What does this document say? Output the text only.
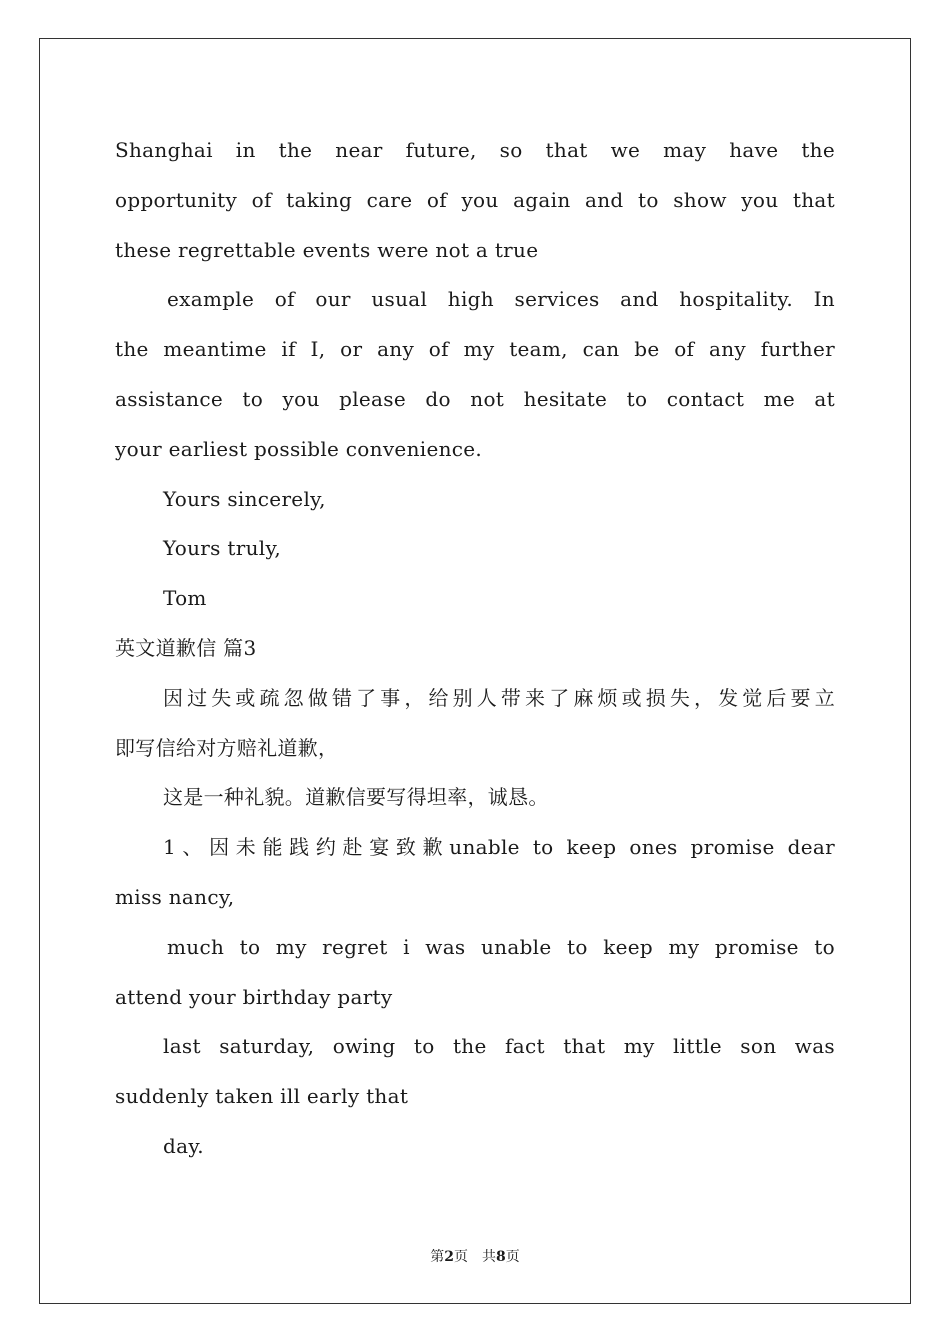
Shanghai in the near future, so that we may have the
opportunity of taking care of you again and to show you that
these regrettable events were not a true
example of our usual high services and hospitality. In
the meantime if I, or any of my team, can be of any further
assistance to you please do not hesitate to contact me at
your earliest possible convenience.
Yours sincerely,
Yours truly,
Tom
英文道歉信 篇3
因过失或疏忽做错了事，给别人带来了麻烦或损失，发觉后要立
即写信给对方赔礼道歉，
这是一种礼貌。道歉信要写得坦率，诚恳。
1、因未能践约赴宴致歉unable to keep ones promise dear
miss nancy,
much to my regret i was unable to keep my promise to
attend your birthday party
last saturday, owing to the fact that my little son was
suddenly taken ill early that
day.
第2页 共8页
